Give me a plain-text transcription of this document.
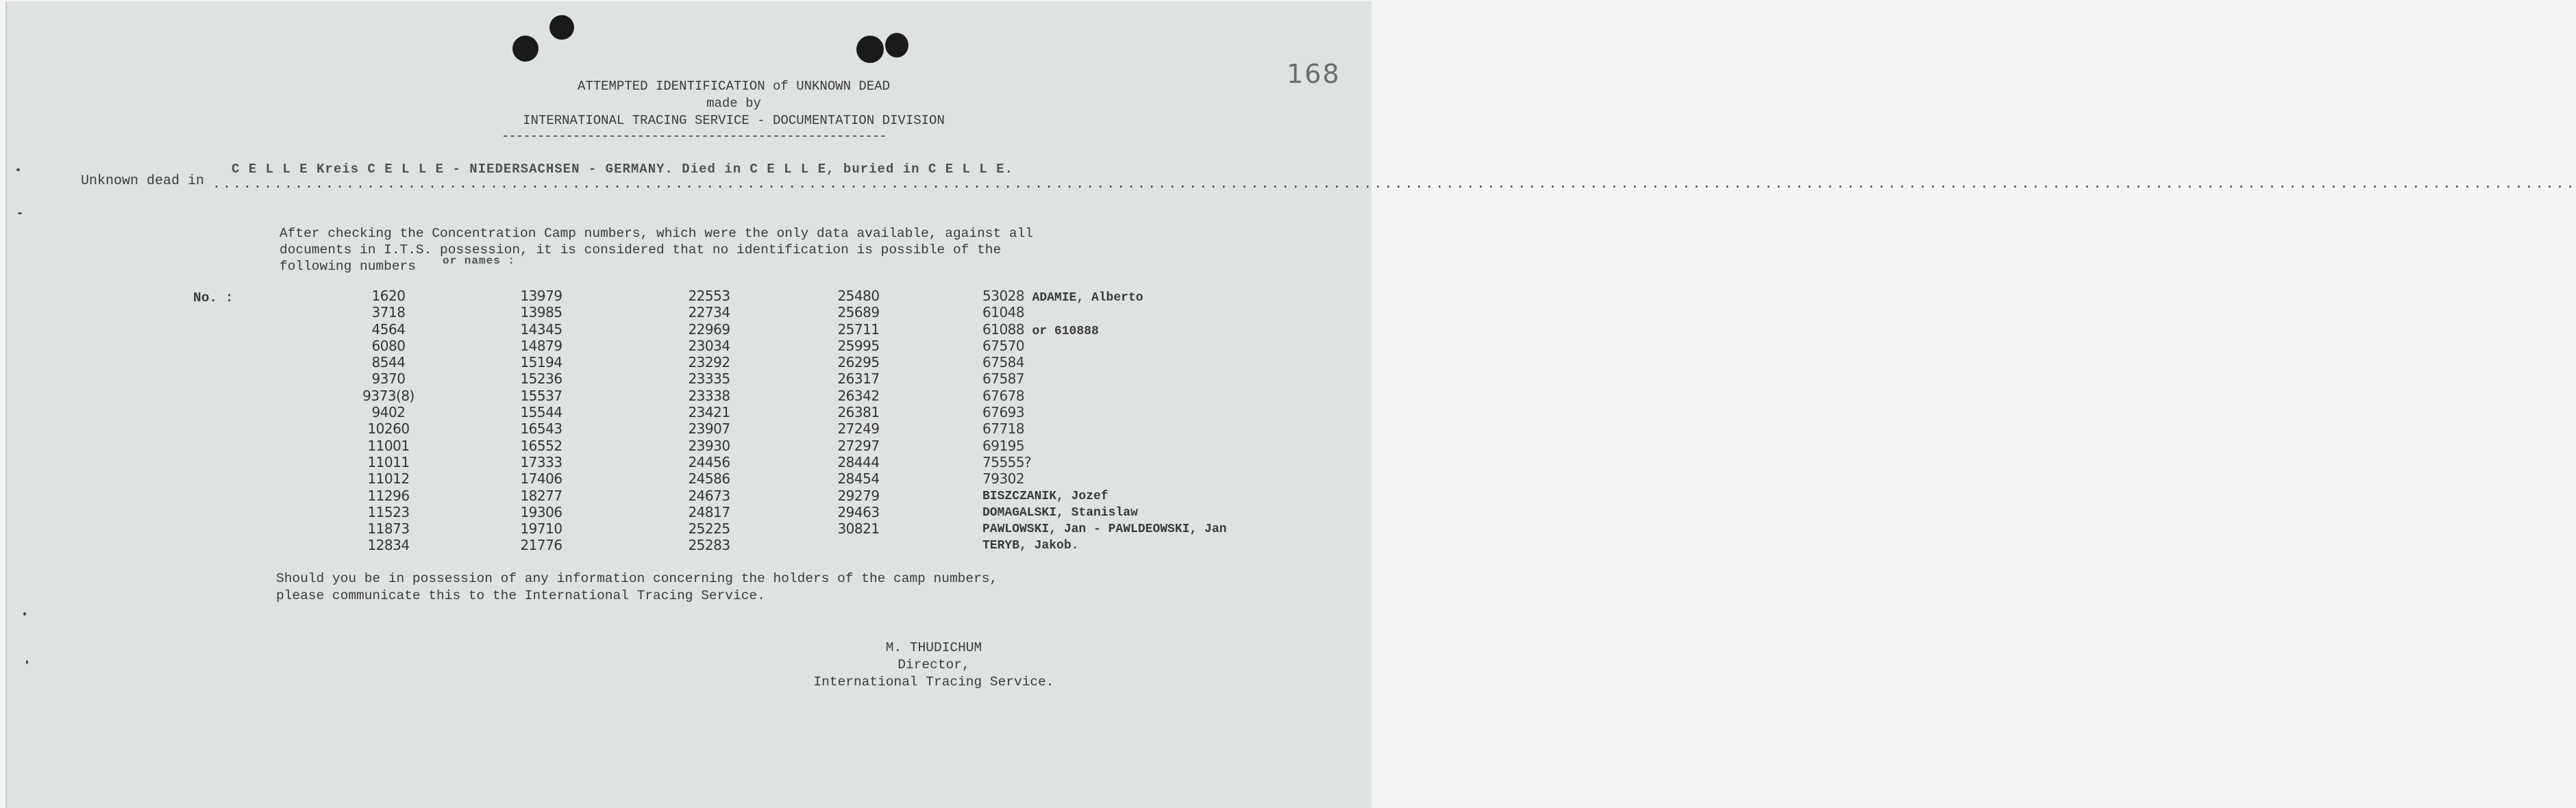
168
ATTEMPTED IDENTIFICATION of UNKNOWN DEAD
made by
INTERNATIONAL TRACING SERVICE - DOCUMENTATION DIVISION
------------------------------------------------------
Unknown dead in ......................................................................................................................................................................................................................................
C E L L E Kreis C E L L E - NIEDERSACHSEN - GERMANY. Died in C E L L E, buried in C E L L E.
After checking the Concentration Camp numbers, which were the only data available, against all
documents in I.T.S. possession, it is considered that no identification is possible of the
following numbers or names :
No. :	1620
3718
4564
6080
8544
9370
9373(8)
9402
10260
11001
11011
11012
11296
11523
11873
12834
13979
13985
14345
14879
15194
15236
15537
15544
16543
16552
17333
17406
18277
19306
19710
21776
22553
22734
22969
23034
23292
23335
23338
23421
23907
23930
24456
24586
24673
24817
25225
25283
25480
25689
25711
25995
26295
26317
26342
26381
27249
27297
28444
28454
29279
29463
30821
53028 ADAMIE, Alberto
61048
61088 or 610888
67570
67584
67587
67678
67693
67718
69195
75555?
79302
BISZCZANIK, Jozef
DOMAGALSKI, Stanislaw
PAWLOWSKI, Jan - PAWLDEOWSKI, Jan
TERYB, Jakob.
Should you be in possession of any information concerning the holders of the camp numbers,
please communicate this to the International Tracing Service.
M. THUDICHUM
Director,
International Tracing Service.
